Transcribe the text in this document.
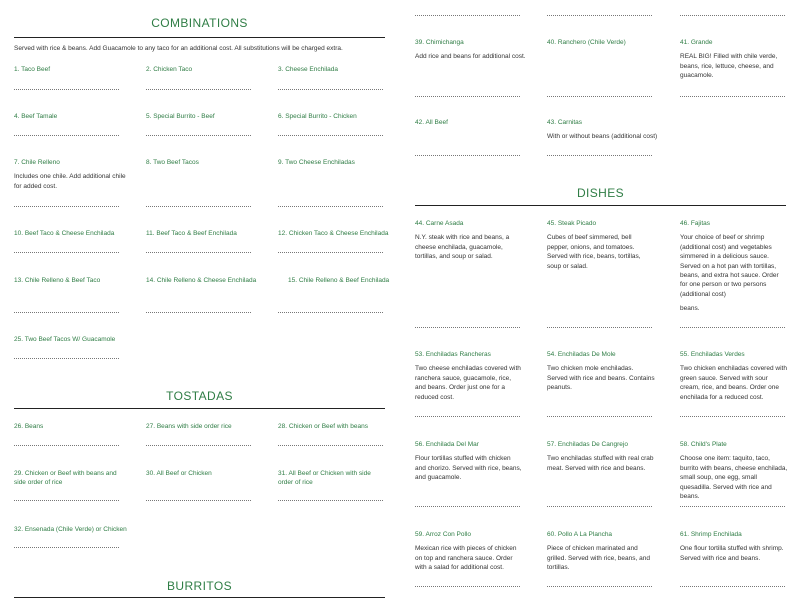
COMBINATIONS
Served with rice & beans. Add Guacamole to any taco for an additional cost. All substitutions will be charged extra.
1. Taco Beef	2. Chicken Taco	3. Cheese Enchilada
4. Beef Tamale	5. Special Burrito - Beef	6. Special Burrito - Chicken
7. Chile Relleno
Includes one chile. Add additional chile for added cost.
8. Two Beef Tacos	9. Two Cheese Enchiladas
10. Beef Taco & Cheese Enchilada	11. Beef Taco & Beef Enchilada	12. Chicken Taco & Cheese Enchilada
13. Chile Relleno & Beef Taco	14. Chile Relleno & Cheese Enchilada	15. Chile Relleno & Beef Enchilada
25. Two Beef Tacos W/ Guacamole
TOSTADAS
26. Beans	27. Beans with side order rice	28. Chicken or Beef with beans
29. Chicken or Beef with beans and side order of rice
30. All Beef or Chicken	31. All Beef or Chicken with side order of rice
32. Ensenada (Chile Verde) or Chicken
BURRITOS
39. Chimichanga
Add rice and beans for additional cost.
40. Ranchero (Chile Verde)	41. Grande
REAL BIG! Filled with chile verde, beans, rice, lettuce, cheese, and guacamole.
42. All Beef	43. Carnitas
With or without beans (additional cost)
DISHES
44. Carne Asada
N.Y. steak with rice and beans, a cheese enchilada, guacamole, tortillas, and soup or salad.
45. Steak Picado
Cubes of beef simmered, bell pepper, onions, and tomatoes. Served with rice, beans, tortillas, soup or salad.
46. Fajitas
Your choice of beef or shrimp (additional cost) and vegetables simmered in a delicious sauce. Served on a hot pan with tortillas, beans, and extra hot sauce. Order for one person or two persons (additional cost)
beans.
53. Enchiladas Rancheras
Two cheese enchiladas covered with ranchera sauce, guacamole, rice, and beans. Order just one for a reduced cost.
54. Enchiladas De Mole
Two chicken mole enchiladas. Served with rice and beans. Contains peanuts.
55. Enchiladas Verdes
Two chicken enchiladas covered with green sauce. Served with sour cream, rice, and beans. Order one enchilada for a reduced cost.
56. Enchilada Del Mar
Flour tortillas stuffed with chicken and chorizo. Served with rice, beans, and guacamole.
57. Enchiladas De Cangrejo
Two enchiladas stuffed with real crab meat. Served with rice and beans.
58. Child's Plate
Choose one item: taquito, taco, burrito with beans, cheese enchilada, small soup, one egg, small quesadilla. Served with rice and beans.
59. Arroz Con Pollo
Mexican rice with pieces of chicken on top and ranchera sauce. Order with a salad for additional cost.
60. Pollo A La Plancha
Piece of chicken marinated and grilled. Served with rice, beans, and tortillas.
61. Shrimp Enchilada
One flour tortilla stuffed with shrimp. Served with rice and beans.
